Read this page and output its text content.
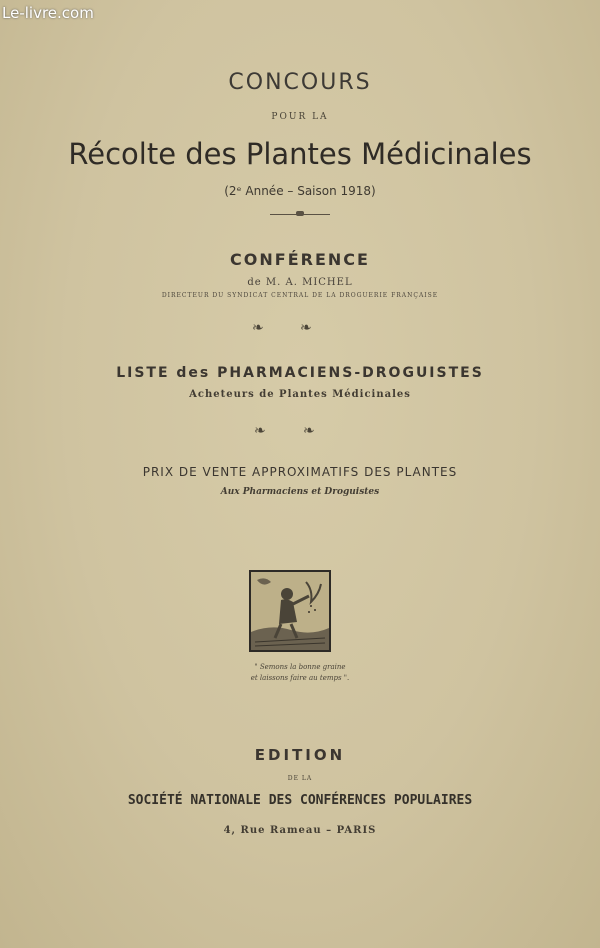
Le-livre.com
CONCOURS
POUR LA
Récolte des Plantes Médicinales
(2ᵉ Année – Saison 1918)
CONFÉRENCE
de M. A. MICHEL
DIRECTEUR DU SYNDICAT CENTRAL DE LA DROGUERIE FRANÇAISE
❧	❧
LISTE des PHARMACIENS-DROGUISTES
Acheteurs de Plantes Médicinales
❧	❧
PRIX DE VENTE APPROXIMATIFS DES PLANTES
Aux Pharmaciens et Droguistes
" Semons la bonne graine
et laissons faire au temps ".
EDITION
DE LA
SOCIÉTÉ NATIONALE DES CONFÉRENCES POPULAIRES
4, Rue Rameau – PARIS
